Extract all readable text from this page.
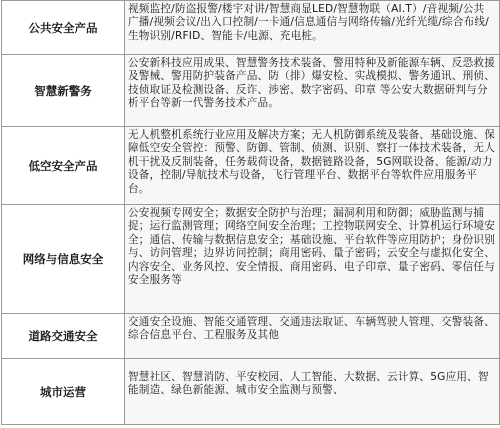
公共安全产品
视频监控/防盗报警/楼宇对讲/智慧商显LED/智慧物联（AI.T）/音视频/公共广播/视频会议/出入口控制/一卡通/信息通信与网络传输/光纤光缆/综合布线/生物识别/RFID、智能卡/电源、充电桩。
智慧新警务
公安新科技应用成果、智慧警务技术装备、警用特种及新能源车辆、反恐救援及警械、警用防护装备产品、防（排）爆安检、实战模拟、警务通讯、刑侦、技侦取证及检测设备、反诈、涉密、数字密码、印章 等公安大数据研判与分析平台等新一代警务技术产品。
低空安全产品
无人机整机系统行业应用及解决方案；无人机防御系统及装备、基础设施、保障低空安全管控：预警、防御、管制、侦测、识别、察打一体技术装备，无人机干扰及反制装备，任务载荷设备，数据链路设备，5G网联设备、能源/动力设备，控制/导航技术与设备，飞行管理平台、数据平台等软件应用服务平台。
网络与信息安全
公安视频专网安全；数据安全防护与治理；漏洞利用和防御；威胁监测与捕捉；运行监测管理；网络空间安全治理；工控物联网安全、计算机运行环境安全；通信、传输与数据信息安全；基础设施、平台软件等应用防护；身份识别与、访问管理；边界访问控制；商用密码、量子密码；云安全与虚拟化安全、内容安全、业务风控、安全情报、商用密码、电子印章、量子密码、零信任与安全服务等
道路交通安全
交通安全设施、智能交通管理、交通违法取证、车辆驾驶人管理、交警装备、综合信息平台、工程服务及其他
城市运营
智慧社区、智慧消防、平安校园、人工智能、大数据、云计算、5G应用、智能制造、绿色新能源、城市安全监测与预警、
